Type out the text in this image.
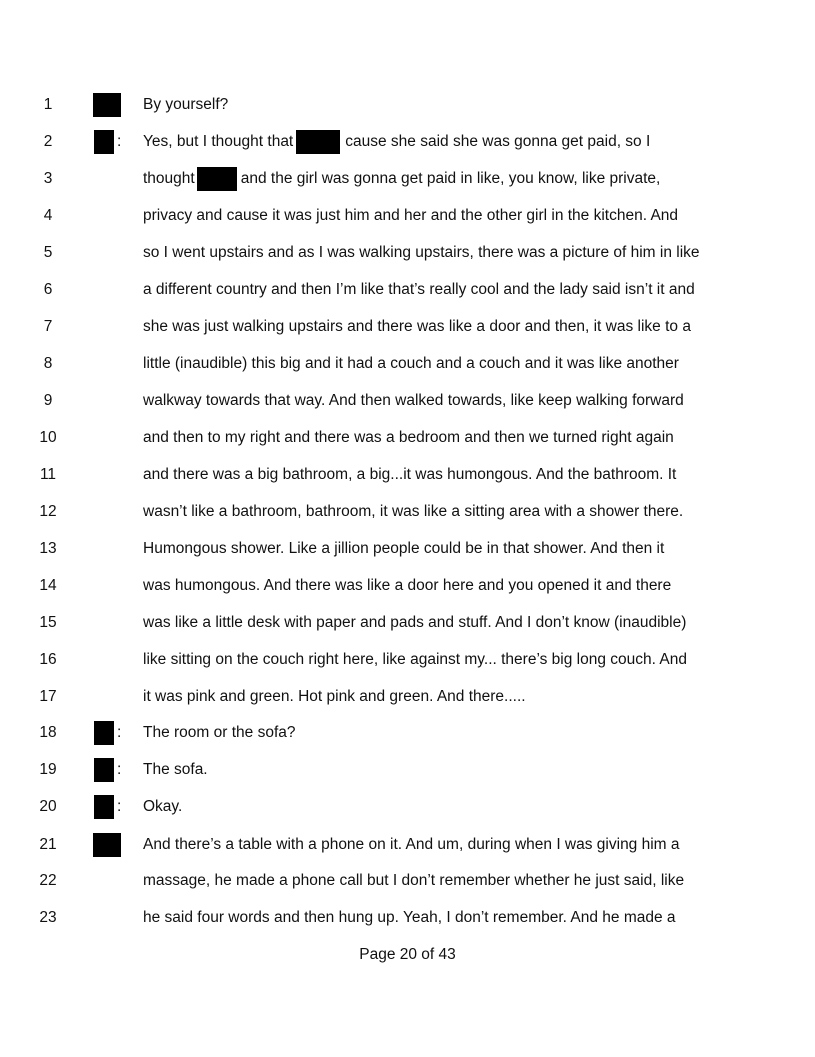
1	By yourself?
2	: Yes, but I thought that	cause she said she was gonna get paid, so I
3	thought	and the girl was gonna get paid in like, you know, like private,
4	privacy and cause it was just him and her and the other girl in the kitchen. And
5	so I went upstairs and as I was walking upstairs, there was a picture of him in like
6	a different country and then I’m like that’s really cool and the lady said isn’t it and
7	she was just walking upstairs and there was like a door and then, it was like to a
8	little (inaudible) this big and it had a couch and a couch and it was like another
9	walkway towards that way. And then walked towards, like keep walking forward
10	and then to my right and there was a bedroom and then we turned right again
11	and there was a big bathroom, a big...it was humongous. And the bathroom. It
12	wasn’t like a bathroom, bathroom, it was like a sitting area with a shower there.
13	Humongous shower. Like a jillion people could be in that shower. And then it
14	was humongous. And there was like a door here and you opened it and there
15	was like a little desk with paper and pads and stuff. And I don’t know (inaudible)
16	like sitting on the couch right here, like against my... there’s big long couch. And
17	it was pink and green. Hot pink and green. And there.....
18	: The room or the sofa?
19	: The sofa.
20	: Okay.
21	And there’s a table with a phone on it. And um, during when I was giving him a
22	massage, he made a phone call but I don’t remember whether he just said, like
23	he said four words and then hung up. Yeah, I don’t remember. And he made a
Page 20 of 43
